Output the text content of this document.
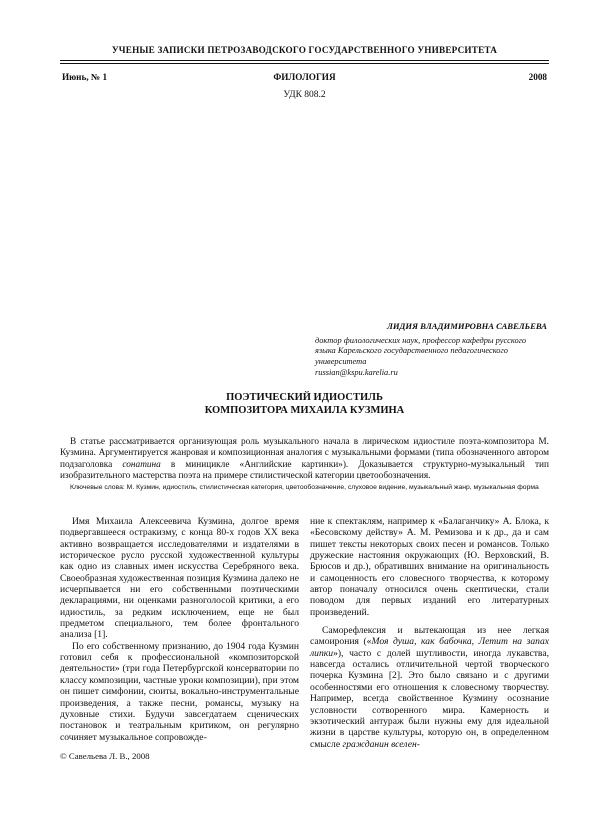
УЧЕНЫЕ ЗАПИСКИ ПЕТРОЗАВОДСКОГО ГОСУДАРСТВЕННОГО УНИВЕРСИТЕТА
ФИЛОЛОГИЯ
Июнь, № 1	2008
УДК 808.2
ЛИДИЯ ВЛАДИМИРОВНА САВЕЛЬЕВА
доктор филологических наук, профессор кафедры русского языка Карельского государственного педагогического университета
russian@kspu.karelia.ru
ПОЭТИЧЕСКИЙ ИДИОСТИЛЬ
КОМПОЗИТОРА МИХАИЛА КУЗМИНА
В статье рассматривается организующая роль музыкального начала в лирическом идиостиле поэта-композитора М. Кузмина. Аргументируется жанровая и композиционная аналогия с музыкальными формами (типа обозначенного автором подзаголовка сонатина в миницикле «Английские картинки»). Доказывается структурно-музыкальный тип изобразительного мастерства поэта на примере стилистической категории цветообозначения.
Ключевые слова: М. Кузмин, идиостиль, стилистическая категория, цветообозначение, слуховое видение, музыкальный жанр, музыкальная форма

Имя Михаила Алексеевича Кузмина, долгое время подвергавшееся остракизму, с конца 80-х годов XX века активно возвращается исследователями и издателями в историческое русло русской художественной культуры как одно из славных имен искусства Серебряного века. Своеобразная художественная позиция Кузмина далеко не исчерпывается ни его собственными поэтическими декларациями, ни оценками разноголосой критики, а его идиостиль, за редким исключением, еще не был предметом специального, тем более фронтального анализа [1].

По его собственному признанию, до 1904 года Кузмин готовил себя к профессиональной «композиторской деятельности» (три года Петербургской консерватории по классу композиции, частные уроки композиции), при этом он пишет симфонии, сюиты, вокально-инструментальные произведения, а также песни, романсы, музыку на духовные стихи. Будучи завсегдатаем сценических постановок и театральным критиком, он регулярно сочиняет музыкальное сопровожде-

ние к спектаклям, например к «Балаганчику» А. Блока, к «Бесовскому действу» А. М. Ремизова и к др., да и сам пишет тексты некоторых своих песен и романсов. Только дружеские настояния окружающих (Ю. Верховский, В. Брюсов и др.), обративших внимание на оригинальность и самоценность его словесного творчества, к которому автор поначалу относился очень скептически, стали поводом для первых изданий его литературных произведений.

Саморефлексия и вытекающая из нее легкая самоирония («Моя душа, как бабочка, Летит на запах липки»), часто с долей шутливости, иногда лукавства, навсегда остались отличительной чертой творческого почерка Кузмина [2]. Это было связано и с другими особенностями его отношения к словесному творчеству. Например, всегда свойственное Кузмину осознание условности сотворенного мира. Камерность и экзотический антураж были нужны ему для идеальной жизни в царстве культуры, которую он, в определенном смысле гражданин вселен-

© Савельева Л. В., 2008
